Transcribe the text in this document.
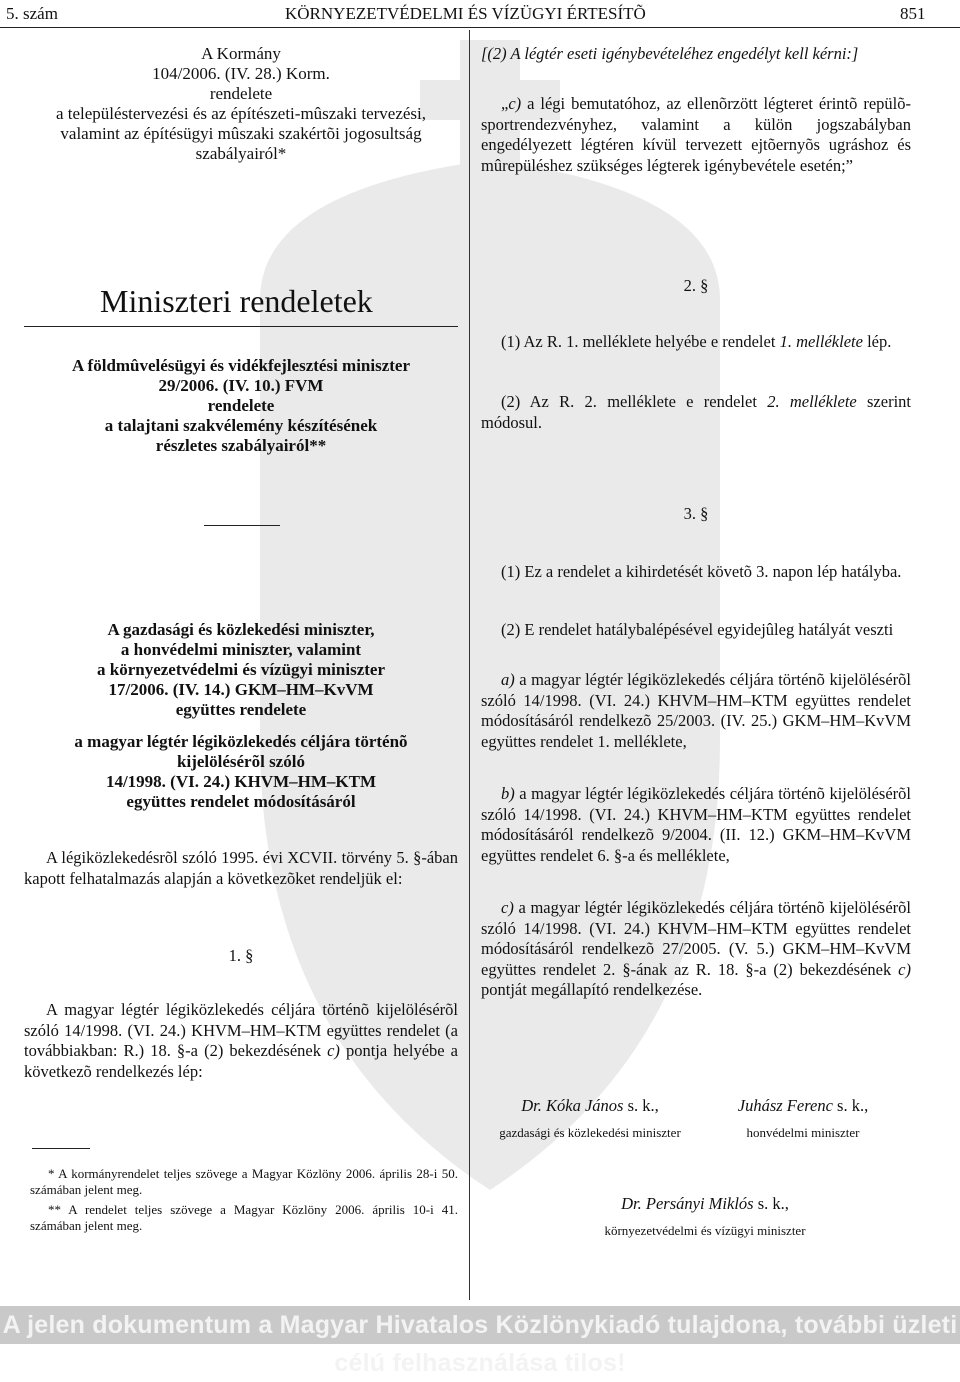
5. szám	KÖRNYEZETVÉDELMI ÉS VÍZÜGYI ÉRTESÍTÕ	851
A Kormány
104/2006. (IV. 28.) Korm.
rendelete
a településtervezési és az építészeti-mûszaki tervezési,
valamint az építésügyi mûszaki szakértõi jogosultság
szabályairól*
Miniszteri rendeletek
A földmûvelésügyi és vidékfejlesztési miniszter
29/2006. (IV. 10.) FVM
rendelete
a talajtani szakvélemény készítésének
részletes szabályairól**
A gazdasági és közlekedési miniszter,
a honvédelmi miniszter, valamint
a környezetvédelmi és vízügyi miniszter
17/2006. (IV. 14.) GKM–HM–KvVM
együttes rendelete
a magyar légtér légiközlekedés céljára történõ
kijelölésérõl szóló
14/1998. (VI. 24.) KHVM–HM–KTM
együttes rendelet módosításáról

A légiközlekedésrõl szóló 1995. évi XCVII. törvény 5. §-ában kapott felhatalmazás alapján a következõket rendeljük el:

1. §

A magyar légtér légiközlekedés céljára történõ kijelölésérõl szóló 14/1998. (VI. 24.) KHVM–HM–KTM együttes rendelet (a továbbiakban: R.) 18. §-a (2) bekezdésének c) pontja helyébe a következõ rendelkezés lép:

* A kormányrendelet teljes szövege a Magyar Közlöny 2006. április 28-i 50. számában jelent meg.

** A rendelet teljes szövege a Magyar Közlöny 2006. április 10-i 41. számában jelent meg.

[(2) A légtér eseti igénybevételéhez engedélyt kell kérni:]

„c) a légi bemutatóhoz, az ellenõrzött légteret érintõ repülõ-sportrendezvényhez, valamint a külön jogszabályban engedélyezett légtéren kívül tervezett ejtõernyõs ugráshoz és mûrepüléshez szükséges légterek igénybevétele esetén;”

2. §

(1) Az R. 1. melléklete helyébe e rendelet 1. melléklete lép.

(2) Az R. 2. melléklete e rendelet 2. melléklete szerint módosul.

3. §

(1) Ez a rendelet a kihirdetését követõ 3. napon lép hatályba.

(2) E rendelet hatálybalépésével egyidejûleg hatályát veszti

a) a magyar légtér légiközlekedés céljára történõ kijelölésérõl szóló 14/1998. (VI. 24.) KHVM–HM–KTM együttes rendelet módosításáról rendelkezõ 25/2003. (IV. 25.) GKM–HM–KvVM együttes rendelet 1. melléklete,

b) a magyar légtér légiközlekedés céljára történõ kijelölésérõl szóló 14/1998. (VI. 24.) KHVM–HM–KTM együttes rendelet módosításáról rendelkezõ 9/2004. (II. 12.) GKM–HM–KvVM együttes rendelet 6. §-a és melléklete,

c) a magyar légtér légiközlekedés céljára történõ kijelölésérõl szóló 14/1998. (VI. 24.) KHVM–HM–KTM együttes rendelet módosításáról rendelkezõ 27/2005. (V. 5.) GKM–HM–KvVM együttes rendelet 2. §-ának az R. 18. §-a (2) bekezdésének c) pontját megállapító rendelkezése.

Dr. Kóka János s. k.,
gazdasági és közlekedési miniszter
Juhász Ferenc s. k.,
honvédelmi miniszter
Dr. Persányi Miklós s. k.,
környezetvédelmi és vízügyi miniszter
A jelen dokumentum a Magyar Hivatalos Közlönykiadó tulajdona, további üzleti célú felhasználása tilos!
